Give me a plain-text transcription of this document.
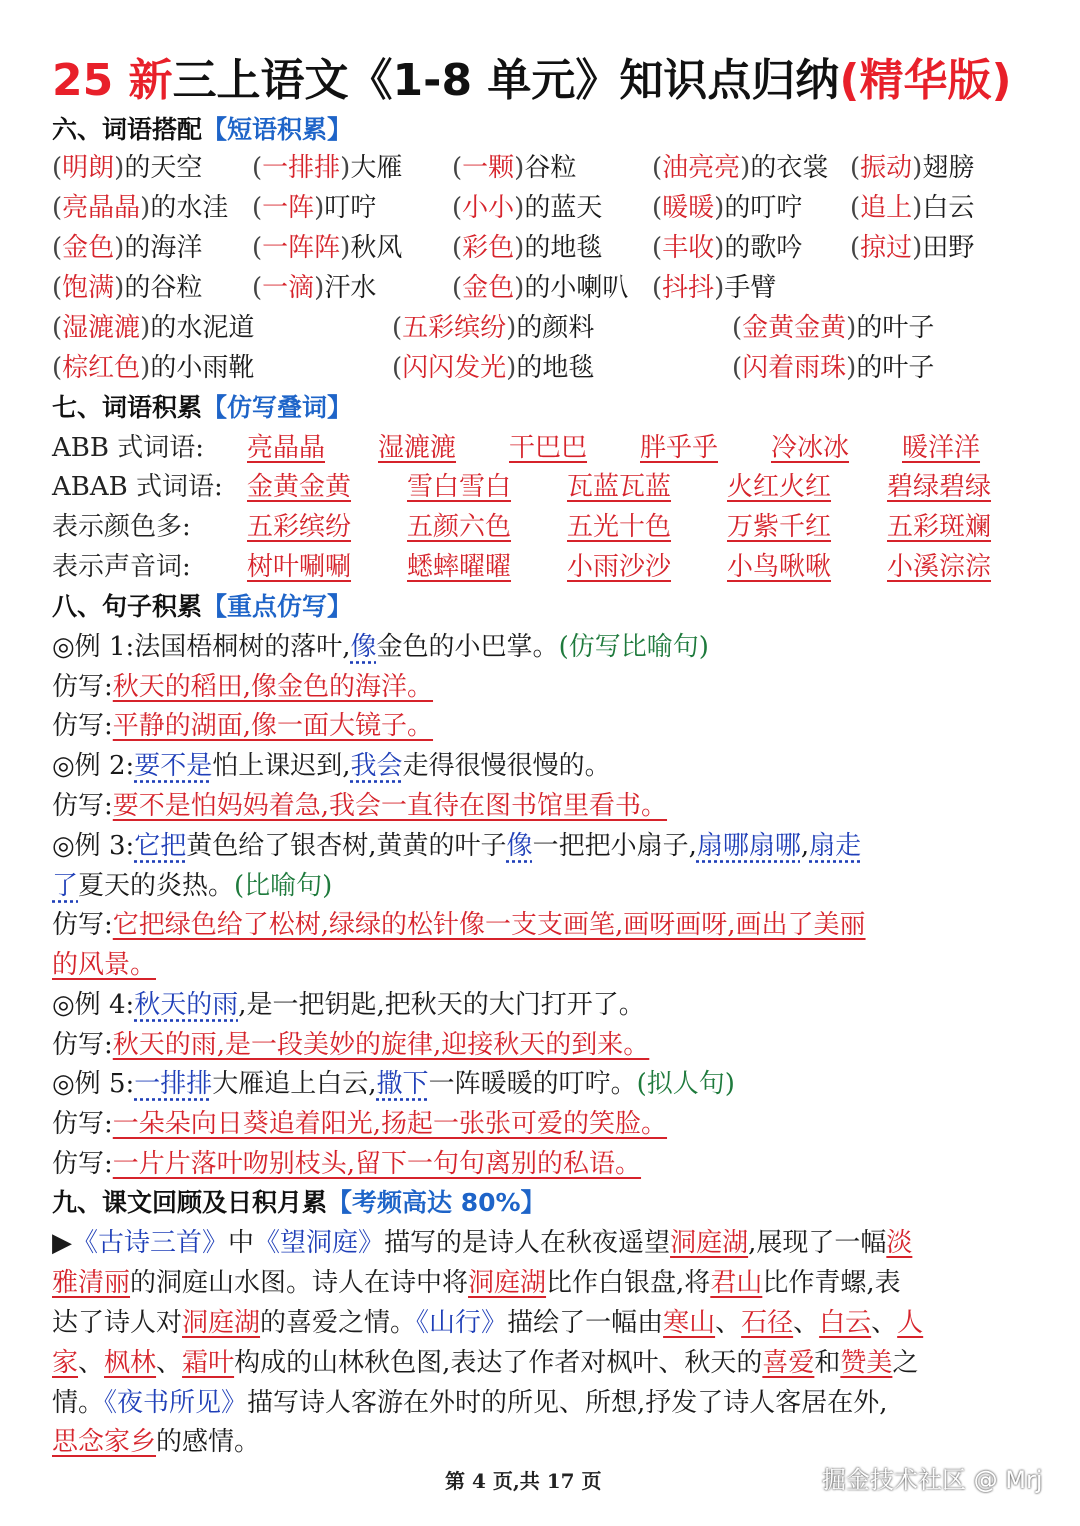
25 新三上语文《1-8 单元》知识点归纳(精华版)
六、词语搭配【短语积累】
(明朗)的天空 (一排排)大雁 (一颗)谷粒	(油亮亮)的衣裳 (振动)翅膀
(亮晶晶)的水洼 (一阵)叮咛	(小小)的蓝天 (暖暖)的叮咛 (追上)白云
(金色)的海洋 (一阵阵)秋风 (彩色)的地毯 (丰收)的歌吟 (掠过)田野
(饱满)的谷粒 (一滴)汗水	(金色)的小喇叭 (抖抖)手臂
(湿漉漉)的水泥道	(五彩缤纷)的颜料	(金黄金黄)的叶子
(棕红色)的小雨靴	(闪闪发光)的地毯	(闪着雨珠)的叶子
七、词语积累【仿写叠词】
ABB 式词语: 亮晶晶 湿漉漉 干巴巴 胖乎乎 冷冰冰 暖洋洋
ABAB 式词语: 金黄金黄 雪白雪白 瓦蓝瓦蓝 火红火红 碧绿碧绿
表示颜色多: 五彩缤纷 五颜六色 五光十色 万紫千红 五彩斑斓
表示声音词: 树叶唰唰 蟋蟀曜曜 小雨沙沙 小鸟啾啾 小溪淙淙
八、句子积累【重点仿写】
◎例 1:法国梧桐树的落叶,像金色的小巴掌。(仿写比喻句)
仿写:秋天的稻田,像金色的海洋。
仿写:平静的湖面,像一面大镜子。
◎例 2:要不是怕上课迟到,我会走得很慢很慢的。
仿写:要不是怕妈妈着急,我会一直待在图书馆里看书。
◎例 3:它把黄色给了银杏树,黄黄的叶子像一把把小扇子,扇哪扇哪,扇走
了夏天的炎热。(比喻句)
仿写:它把绿色给了松树,绿绿的松针像一支支画笔,画呀画呀,画出了美丽
的风景。
◎例 4:秋天的雨,是一把钥匙,把秋天的大门打开了。
仿写:秋天的雨,是一段美妙的旋律,迎接秋天的到来。
◎例 5:一排排大雁追上白云,撒下一阵暖暖的叮咛。(拟人句)
仿写:一朵朵向日葵追着阳光,扬起一张张可爱的笑脸。
仿写:一片片落叶吻别枝头,留下一句句离别的私语。
九、课文回顾及日积月累【考频高达 80%】
▶《古诗三首》中《望洞庭》描写的是诗人在秋夜遥望洞庭湖,展现了一幅淡
雅清丽的洞庭山水图。诗人在诗中将洞庭湖比作白银盘,将君山比作青螺,表
达了诗人对洞庭湖的喜爱之情。《山行》描绘了一幅由寒山、石径、白云、人
家、枫林、霜叶构成的山林秋色图,表达了作者对枫叶、秋天的喜爱和赞美之
情。《夜书所见》描写诗人客游在外时的所见、所想,抒发了诗人客居在外,
思念家乡的感情。
第 4 页,共 17 页	掘金技术社区 @ Mrj
